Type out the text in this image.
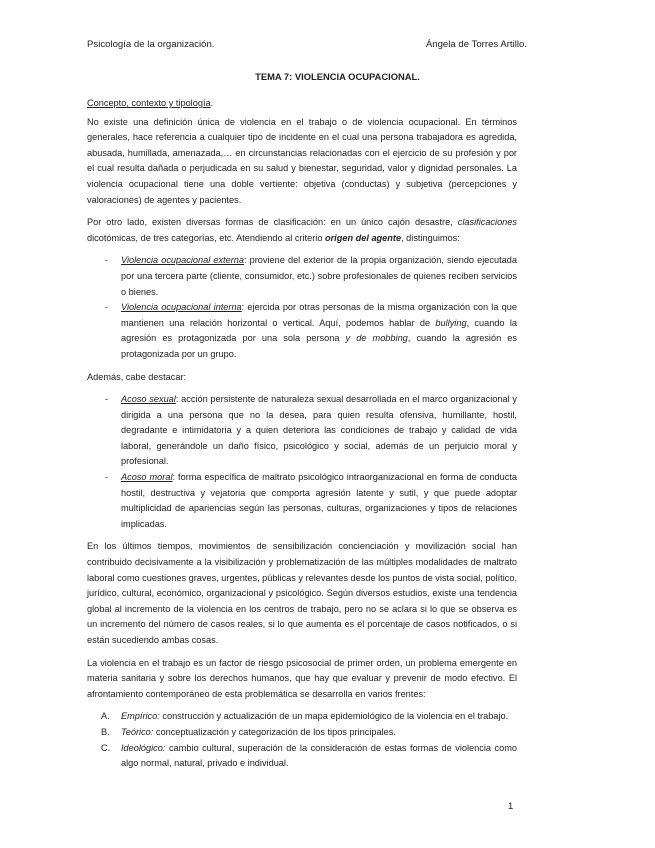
Psicología de la organización.	Ángela de Torres Artillo.
TEMA 7: VIOLENCIA OCUPACIONAL.
Concepto, contexto y tipología.

No existe una definición única de violencia en el trabajo o de violencia ocupacional. En términos generales, hace referencia a cualquier tipo de incidente en el cual una persona trabajadora es agredida, abusada, humillada, amenazada,… en circunstancias relacionadas con el ejercicio de su profesión y por el cual resulta dañada o perjudicada en su salud y bienestar, seguridad, valor y dignidad personales. La violencia ocupacional tiene una doble vertiente: objetiva (conductas) y subjetiva (percepciones y valoraciones) de agentes y pacientes.

Por otro lado, existen diversas formas de clasificación: en un único cajón desastre, clasificaciones dicotómicas, de tres categorías, etc. Atendiendo al criterio origen del agente, distinguimos:

- Violencia ocupacional externa: proviene del exterior de la propia organización, siendo ejecutada por una tercera parte (cliente, consumidor, etc.) sobre profesionales de quienes reciben servicios o bienes.
- Violencia ocupacional interna: ejercida por otras personas de la misma organización con la que mantienen una relación horizontal o vertical. Aquí, podemos hablar de bullying, cuando la agresión es protagonizada por una sola persona y de mobbing, cuando la agresión es protagonizada por un grupo.

Además, cabe destacar:

- Acoso sexual: acción persistente de naturaleza sexual desarrollada en el marco organizacional y dirigida a una persona que no la desea, para quien resulta ofensiva, humillante, hostil, degradante e intimidatoria y a quien deteriora las condiciones de trabajo y calidad de vida laboral, generándole un daño físico, psicológico y social, además de un perjuicio moral y profesional.
- Acoso moral: forma específica de maltrato psicológico intraorganizacional en forma de conducta hostil, destructiva y vejatoria que comporta agresión latente y sutil, y que puede adoptar multiplicidad de apariencias según las personas, culturas, organizaciones y tipos de relaciones implicadas.

En los últimos tiempos, movimientos de sensibilización concienciación y movilización social han contribuido decisivamente a la visibilización y problematización de las múltiples modalidades de maltrato laboral como cuestiones graves, urgentes, públicas y relevantes desde los puntos de vista social, político, jurídico, cultural, económico, organizacional y psicológico. Según diversos estudios, existe una tendencia global al incremento de la violencia en los centros de trabajo, pero no se aclara si lo que se observa es un incremento del número de casos reales, si lo que aumenta es el porcentaje de casos notificados, o si están sucediendo ambas cosas.

La violencia en el trabajo es un factor de riesgo psicosocial de primer orden, un problema emergente en materia sanitaria y sobre los derechos humanos, que hay que evaluar y prevenir de modo efectivo. El afrontamiento contemporáneo de esta problemática se desarrolla en varios frentes:

A. Empírico: construcción y actualización de un mapa epidemiológico de la violencia en el trabajo.
B. Teórico: conceptualización y categorización de los tipos principales.
C. Ideológico: cambio cultural, superación de la consideración de estas formas de violencia como algo normal, natural, privado e individual.
1
